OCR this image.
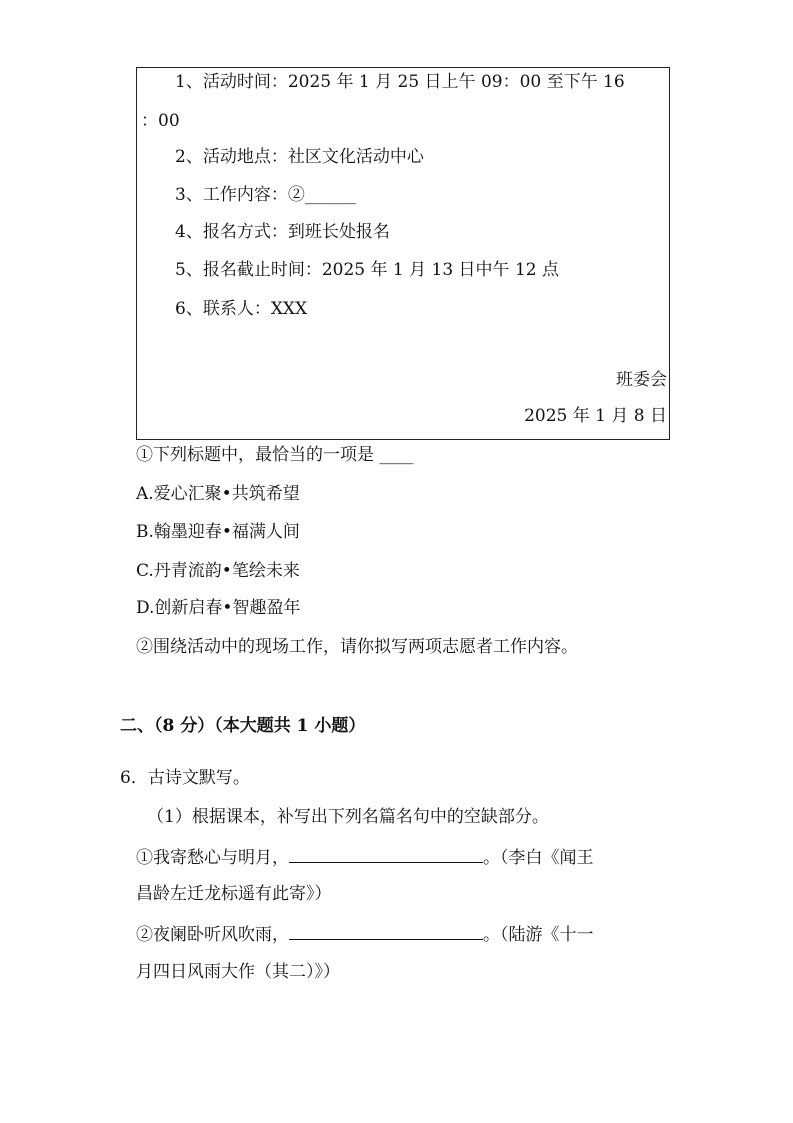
1、活动时间：2025 年 1 月 25 日上午 09：00 至下午 16
：00
2、活动地点：社区文化活动中心
3、工作内容：②______
4、报名方式：到班长处报名
5、报名截止时间：2025 年 1 月 13 日中午 12 点
6、联系人：XXX
班委会
2025 年 1 月 8 日
①下列标题中，最恰当的一项是 ____
A.爱心汇聚•共筑希望
B.翰墨迎春•福满人间
C.丹青流韵•笔绘未来
D.创新启春•智趣盈年
②围绕活动中的现场工作，请你拟写两项志愿者工作内容。
二、（8 分）（本大题共 1 小题）
6．古诗文默写。
（1）根据课本，补写出下列名篇名句中的空缺部分。
①我寄愁心与明月，	。（李白《闻王
昌龄左迁龙标遥有此寄》）
②夜阑卧听风吹雨，	。（陆游《十一
月四日风雨大作（其二）》）
